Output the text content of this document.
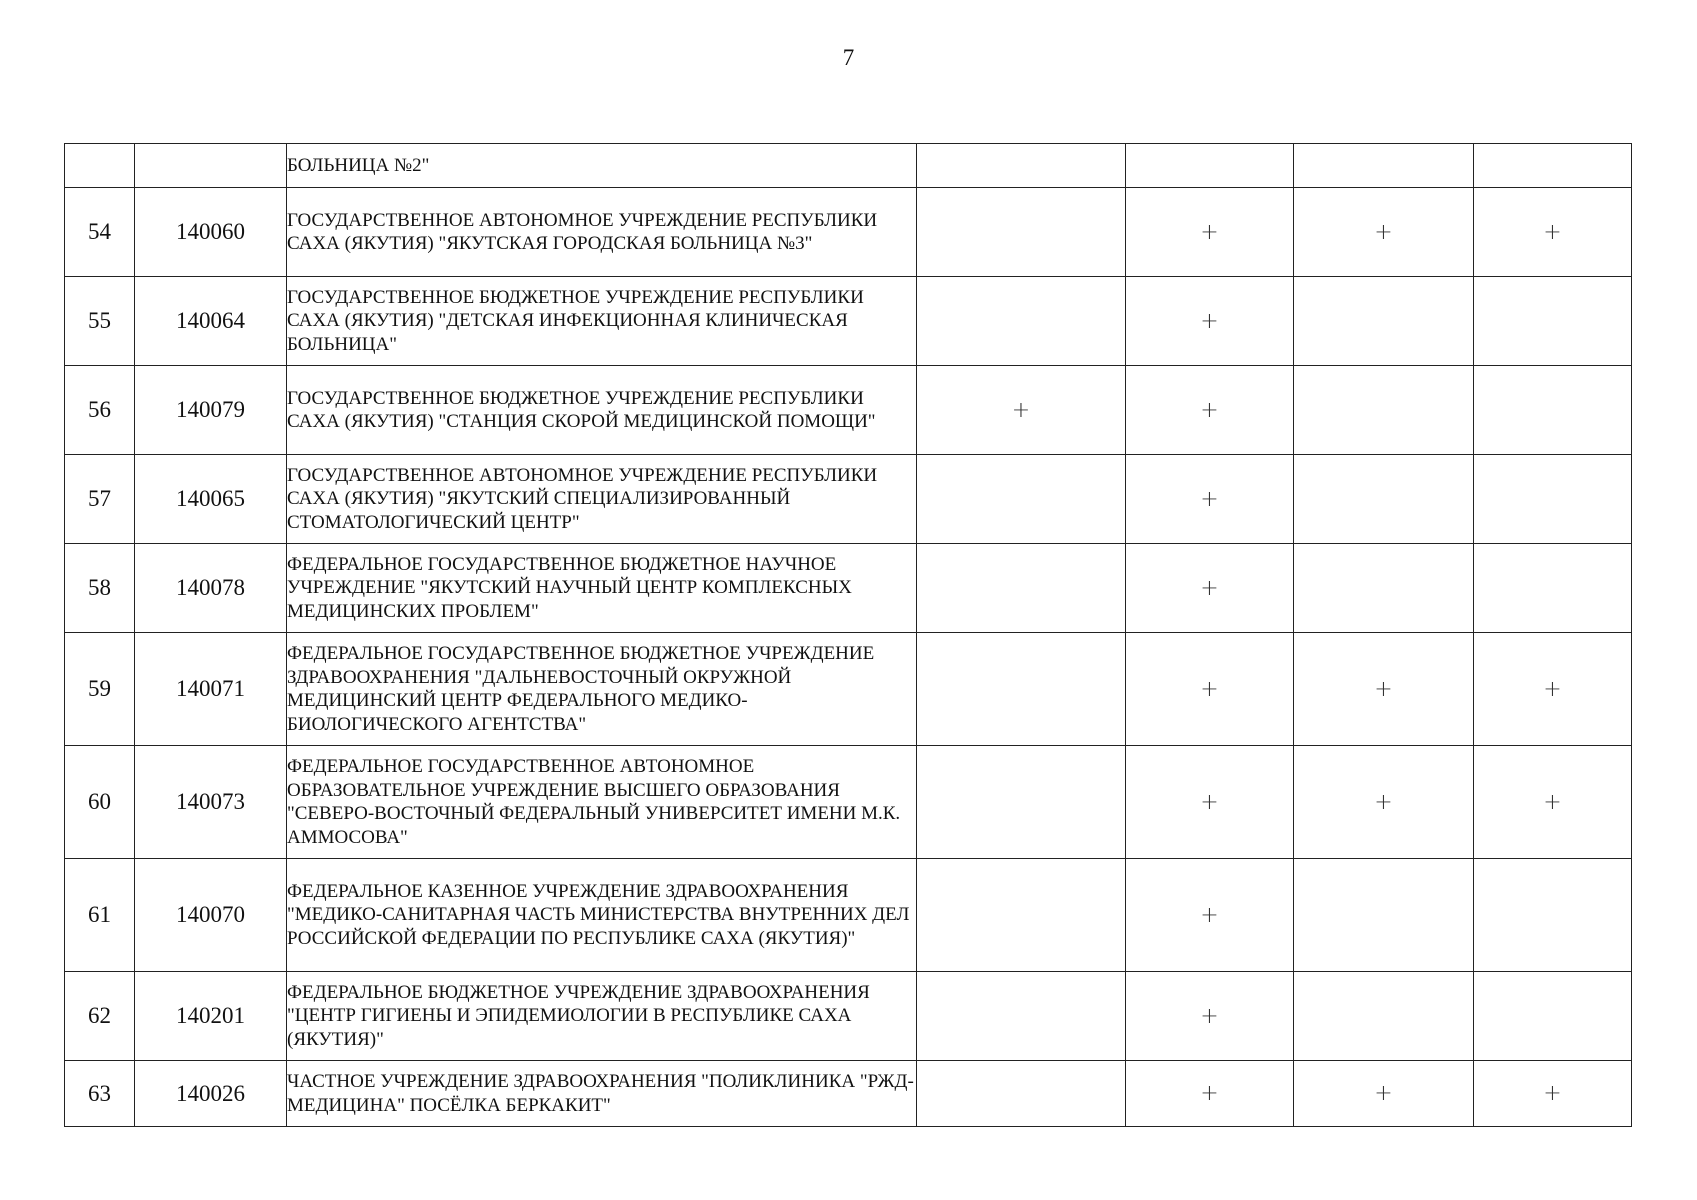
7
		БОЛЬНИЦА №2"				
54	140060	ГОСУДАРСТВЕННОЕ АВТОНОМНОЕ УЧРЕЖДЕНИЕ РЕСПУБЛИКИ САХА (ЯКУТИЯ) "ЯКУТСКАЯ ГОРОДСКАЯ БОЛЬНИЦА №3"		+	+	+
55	140064	ГОСУДАРСТВЕННОЕ БЮДЖЕТНОЕ УЧРЕЖДЕНИЕ РЕСПУБЛИКИ САХА (ЯКУТИЯ) "ДЕТСКАЯ ИНФЕКЦИОННАЯ КЛИНИЧЕСКАЯ БОЛЬНИЦА"		+		
56	140079	ГОСУДАРСТВЕННОЕ БЮДЖЕТНОЕ УЧРЕЖДЕНИЕ РЕСПУБЛИКИ САХА (ЯКУТИЯ) "СТАНЦИЯ СКОРОЙ МЕДИЦИНСКОЙ ПОМОЩИ"	+	+		
57	140065	ГОСУДАРСТВЕННОЕ АВТОНОМНОЕ УЧРЕЖДЕНИЕ РЕСПУБЛИКИ САХА (ЯКУТИЯ) "ЯКУТСКИЙ СПЕЦИАЛИЗИРОВАННЫЙ СТОМАТОЛОГИЧЕСКИЙ ЦЕНТР"		+		
58	140078	ФЕДЕРАЛЬНОЕ ГОСУДАРСТВЕННОЕ БЮДЖЕТНОЕ НАУЧНОЕ УЧРЕЖДЕНИЕ "ЯКУТСКИЙ НАУЧНЫЙ ЦЕНТР КОМПЛЕКСНЫХ МЕДИЦИНСКИХ ПРОБЛЕМ"		+		
59	140071	ФЕДЕРАЛЬНОЕ ГОСУДАРСТВЕННОЕ БЮДЖЕТНОЕ УЧРЕЖДЕНИЕ ЗДРАВООХРАНЕНИЯ "ДАЛЬНЕВОСТОЧНЫЙ ОКРУЖНОЙ МЕДИЦИНСКИЙ ЦЕНТР ФЕДЕРАЛЬНОГО МЕДИКО-БИОЛОГИЧЕСКОГО АГЕНТСТВА"		+	+	+
60	140073	ФЕДЕРАЛЬНОЕ ГОСУДАРСТВЕННОЕ АВТОНОМНОЕ ОБРАЗОВАТЕЛЬНОЕ УЧРЕЖДЕНИЕ ВЫСШЕГО ОБРАЗОВАНИЯ "СЕВЕРО-ВОСТОЧНЫЙ ФЕДЕРАЛЬНЫЙ УНИВЕРСИТЕТ ИМЕНИ М.К. АММОСОВА"		+	+	+
61	140070	ФЕДЕРАЛЬНОЕ КАЗЕННОЕ УЧРЕЖДЕНИЕ ЗДРАВООХРАНЕНИЯ "МЕДИКО-САНИТАРНАЯ ЧАСТЬ МИНИСТЕРСТВА ВНУТРЕННИХ ДЕЛ РОССИЙСКОЙ ФЕДЕРАЦИИ ПО РЕСПУБЛИКЕ САХА (ЯКУТИЯ)"		+		
62	140201	ФЕДЕРАЛЬНОЕ БЮДЖЕТНОЕ УЧРЕЖДЕНИЕ ЗДРАВООХРАНЕНИЯ "ЦЕНТР ГИГИЕНЫ И ЭПИДЕМИОЛОГИИ В РЕСПУБЛИКЕ САХА (ЯКУТИЯ)"		+		
63	140026	ЧАСТНОЕ УЧРЕЖДЕНИЕ ЗДРАВООХРАНЕНИЯ "ПОЛИКЛИНИКА "РЖД-МЕДИЦИНА" ПОСЁЛКА БЕРКАКИТ"		+	+	+
